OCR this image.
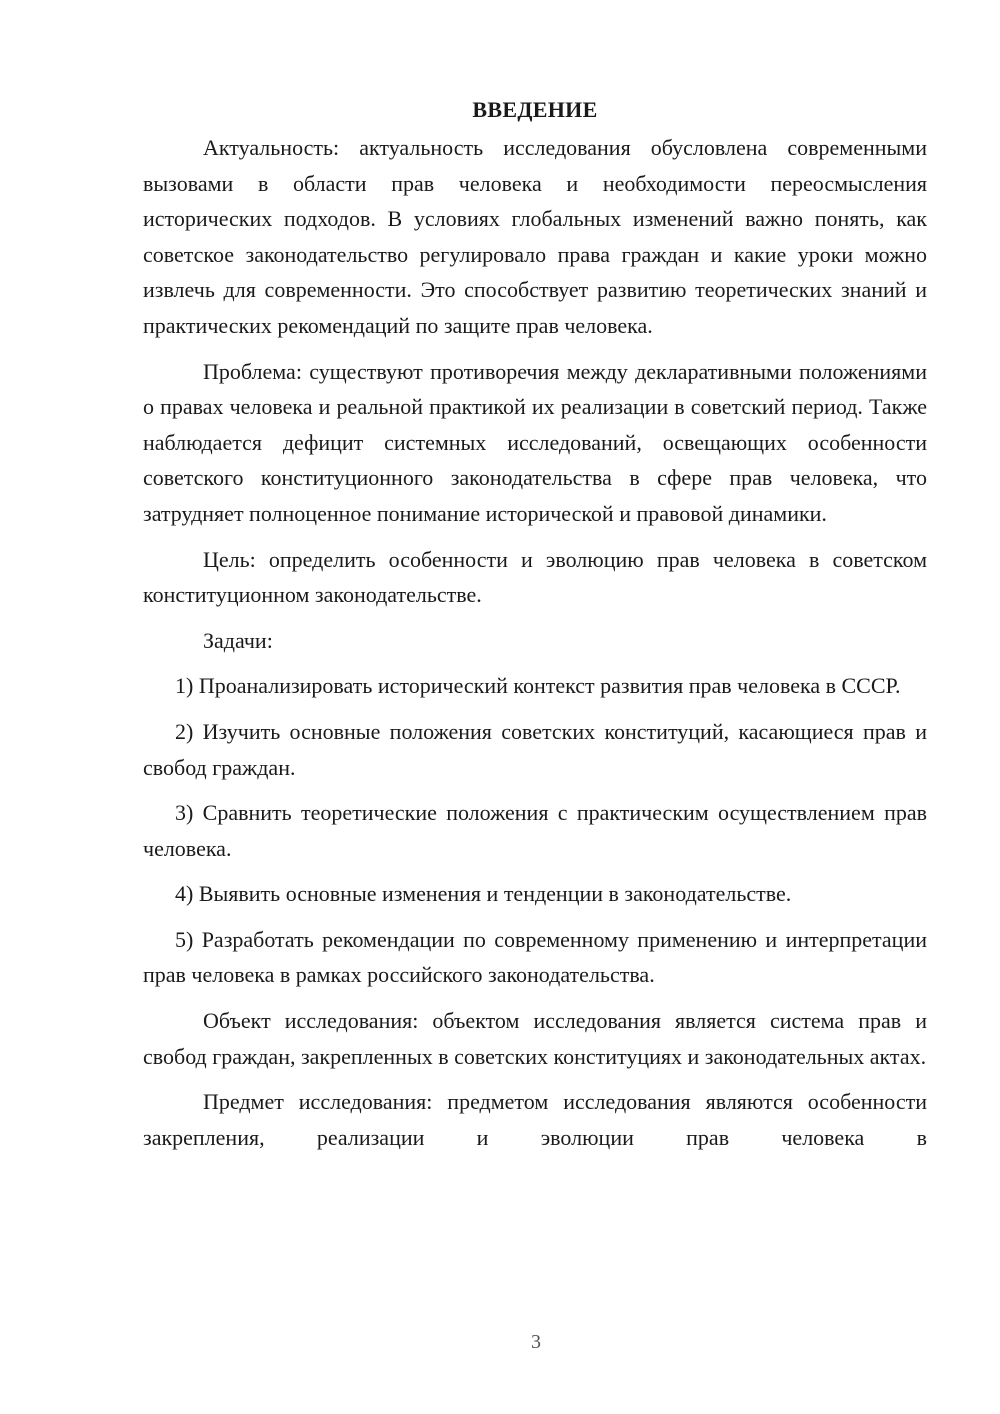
ВВЕДЕНИЕ

Актуальность: актуальность исследования обусловлена современными вызовами в области прав человека и необходимости переосмысления исторических подходов. В условиях глобальных изменений важно понять, как советское законодательство регулировало права граждан и какие уроки можно извлечь для современности. Это способствует развитию теоретических знаний и практических рекомендаций по защите прав человека.

Проблема: существуют противоречия между декларативными положениями о правах человека и реальной практикой их реализации в советский период. Также наблюдается дефицит системных исследований, освещающих особенности советского конституционного законодательства в сфере прав человека, что затрудняет полноценное понимание исторической и правовой динамики.

Цель: определить особенности и эволюцию прав человека в советском конституционном законодательстве.

Задачи:

1) Проанализировать исторический контекст развития прав человека в СССР.

2) Изучить основные положения советских конституций, касающиеся прав и свобод граждан.

3) Сравнить теоретические положения с практическим осуществлением прав человека.

4) Выявить основные изменения и тенденции в законодательстве.

5) Разработать рекомендации по современному применению и интерпретации прав человека в рамках российского законодательства.

Объект исследования: объектом исследования является система прав и свобод граждан, закрепленных в советских конституциях и законодательных актах.

Предмет исследования: предметом исследования являются особенности закрепления, реализации и эволюции прав человека в

3
